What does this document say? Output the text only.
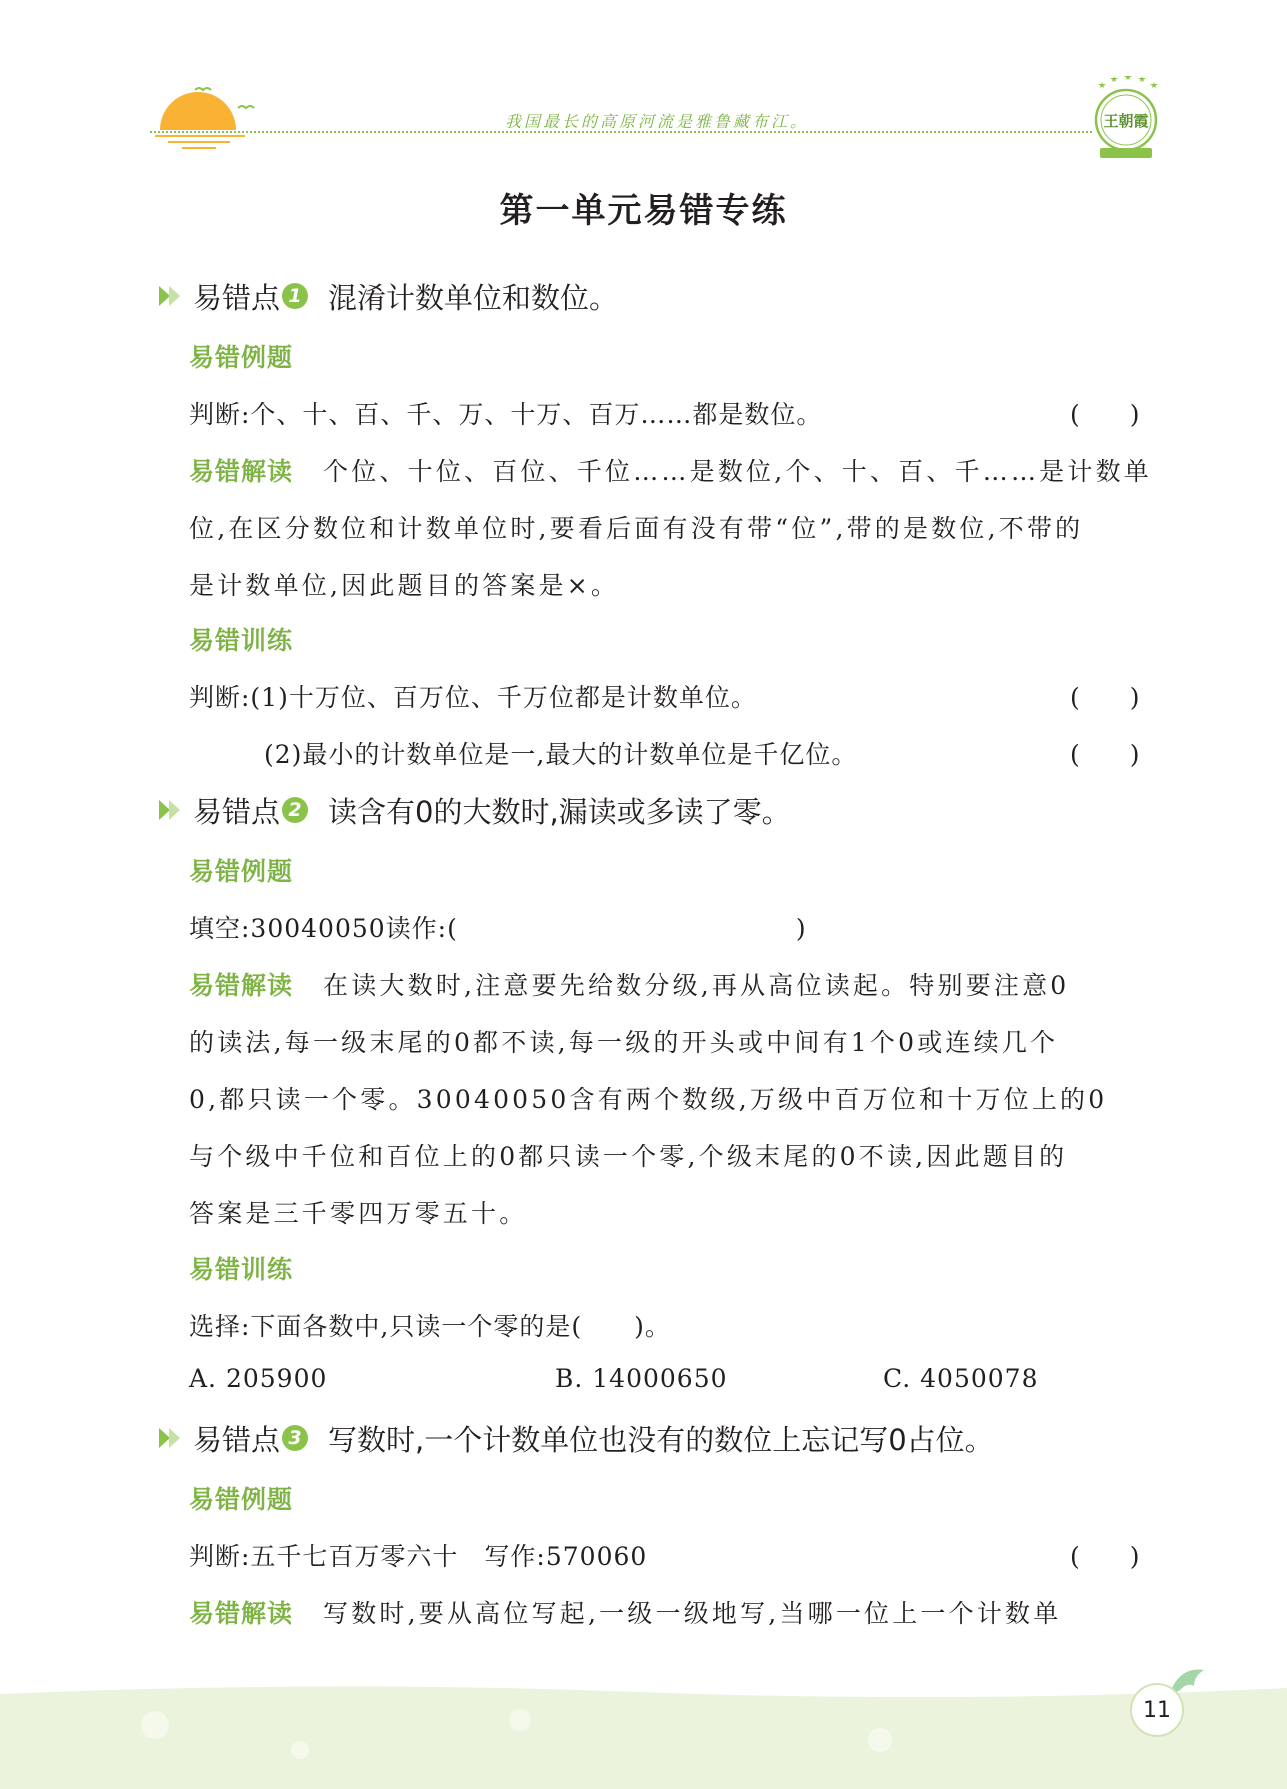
我国最长的高原河流是雅鲁藏布江。	王朝霞
第一单元易错专练
易错点 1 混淆计数单位和数位。
易错例题
判断:个、十、百、千、万、十万、百万……都是数位。	(　　)
易错解读 个位、十位、百位、千位……是数位,个、十、百、千……是计数单
位,在区分数位和计数单位时,要看后面有没有带“位”,带的是数位,不带的
是计数单位,因此题目的答案是×。
易错训练
判断:(1)十万位、百万位、千万位都是计数单位。	(　　)
(2)最小的计数单位是一,最大的计数单位是千亿位。	(　　)
易错点 2 读含有0的大数时,漏读或多读了零。
易错例题
填空:30040050读作:(　　　　　　　　　　　　　)
易错解读 在读大数时,注意要先给数分级,再从高位读起。特别要注意0
的读法,每一级末尾的0都不读,每一级的开头或中间有1个0或连续几个
0,都只读一个零。30040050含有两个数级,万级中百万位和十万位上的0
与个级中千位和百位上的0都只读一个零,个级末尾的0不读,因此题目的
答案是三千零四万零五十。
易错训练
选择:下面各数中,只读一个零的是(　　)。
A. 205900	B. 14000650	C. 4050078
易错点 3 写数时,一个计数单位也没有的数位上忘记写0占位。
易错例题
判断:五千七百万零六十　写作:570060	(　　)
易错解读 写数时,要从高位写起,一级一级地写,当哪一位上一个计数单
11
